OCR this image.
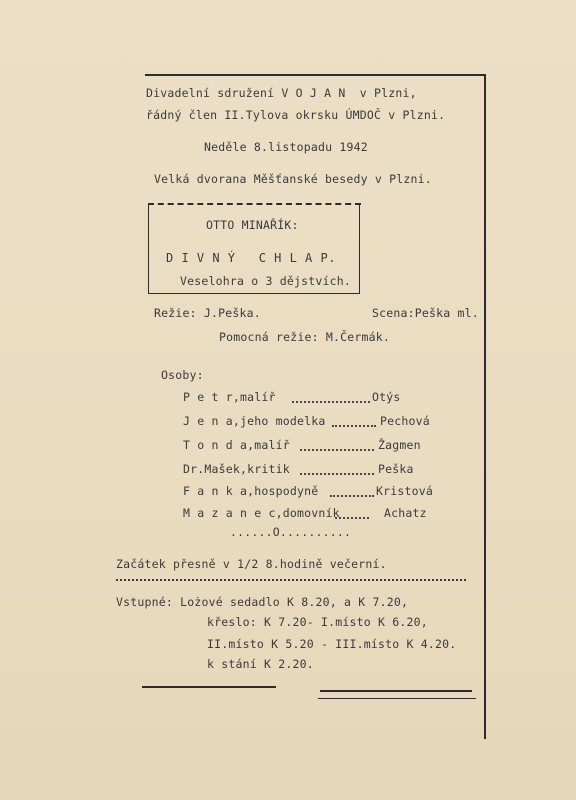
Divadelní sdružení V O J A N  v Plzni,
řádný člen II.Tylova okrsku ÚMDOČ v Plzni.
Neděle 8.listopadu 1942
Velká dvorana Měšťanské besedy v Plzni.
OTTO MINAŘÍK:
D I V N Ý   C H L A P.
Veselohra o 3 dějstvích.
Režie: J.Peška.	Scena:Peška ml.
Pomocná režie: M.Čermák.
Osoby:
P e t r,malíř	Otýs
J e n a,jeho modelka	Pechová
T o n d a,malíř	Žagmen
Dr.Mašek,kritik	Peška
F a n k a,hospodyně	Kristová
M a z a n e c,domovník	Achatz
......O..........
Začátek přesně v 1/2 8.hodině večerní.
Vstupné: Lożové sedadlo K 8.20, a K 7.20,
křeslo: K 7.20- I.místo K 6.20,
II.místo K 5.20 - III.místo K 4.20.
k stání K 2.20.
